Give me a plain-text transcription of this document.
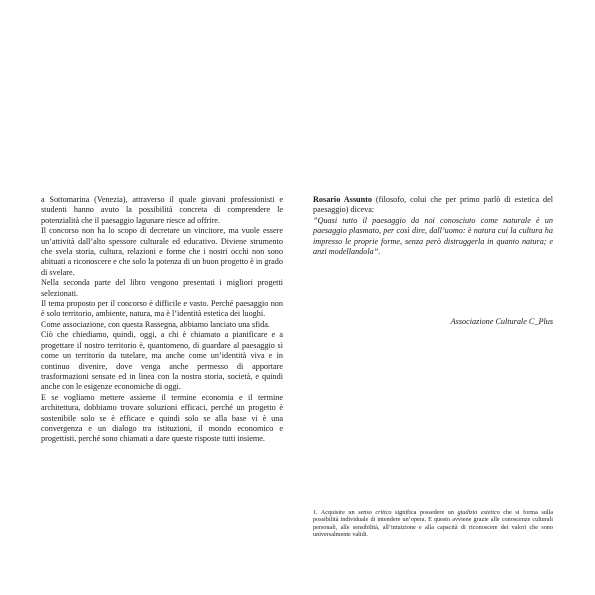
a Sottomarina (Venezia), attraverso il quale giovani professionisti e studenti hanno avuto la possibilità concreta di comprendere le potenzialità che il paesaggio lagunare riesce ad offrire.

Il concorso non ha lo scopo di decretare un vincitore, ma vuole essere un’attività dall’alto spessore culturale ed educativo. Diviene strumento che svela storia, cultura, relazioni e forme che i nostri occhi non sono abituati a riconoscere e che solo la potenza di un buon progetto è in grado di svelare.

Nella seconda parte del libro vengono presentati i migliori progetti selezionati.

Il tema proposto per il concorso è difficile e vasto. Perché paesaggio non è solo territorio, ambiente, natura, ma è l’identità estetica dei luoghi.

Come associazione, con questa Rassegna, abbiamo lanciato una sfida.

Ciò che chiediamo, quindi, oggi, a chi è chiamato a pianificare e a progettare il nostro territorio è, quantomeno, di guardare al paesaggio sì come un territorio da tutelare, ma anche come un’identità viva e in continuo divenire, dove venga anche permesso di apportare trasformazioni sensate ed in linea con la nostra storia, società, e quindi anche con le esigenze economiche di oggi.

E se vogliamo mettere assieme il termine economia e il termine architettura, dobbiamo trovare soluzioni efficaci, perché un progetto è sostenibile solo se è efficace e quindi solo se alla base vi è una convergenza e un dialogo tra istituzioni, il mondo economico e progettisti, perché sono chiamati a dare queste risposte tutti insieme.

Rosario Assunto (filosofo, colui che per primo parlò di estetica del paesaggio) diceva:

”Quasi tutto il paesaggio da noi conosciuto come naturale è un paesaggio plasmato, per così dire, dall’uomo: è natura cui la cultura ha impresso le proprie forme, senza però distruggerla in quanto natura; e anzi modellandola”.

Associazione Culturale C_Plus

1. Acquisire un senso critico significa possedere un giudizio estetico che si forma sulla possibilità individuale di intendere un’opera. E questo avviene grazie alle conoscenze culturali personali, alle sensibilità, all’intuizione e alla capacità di riconoscere dei valori che sono universalmente validi.
